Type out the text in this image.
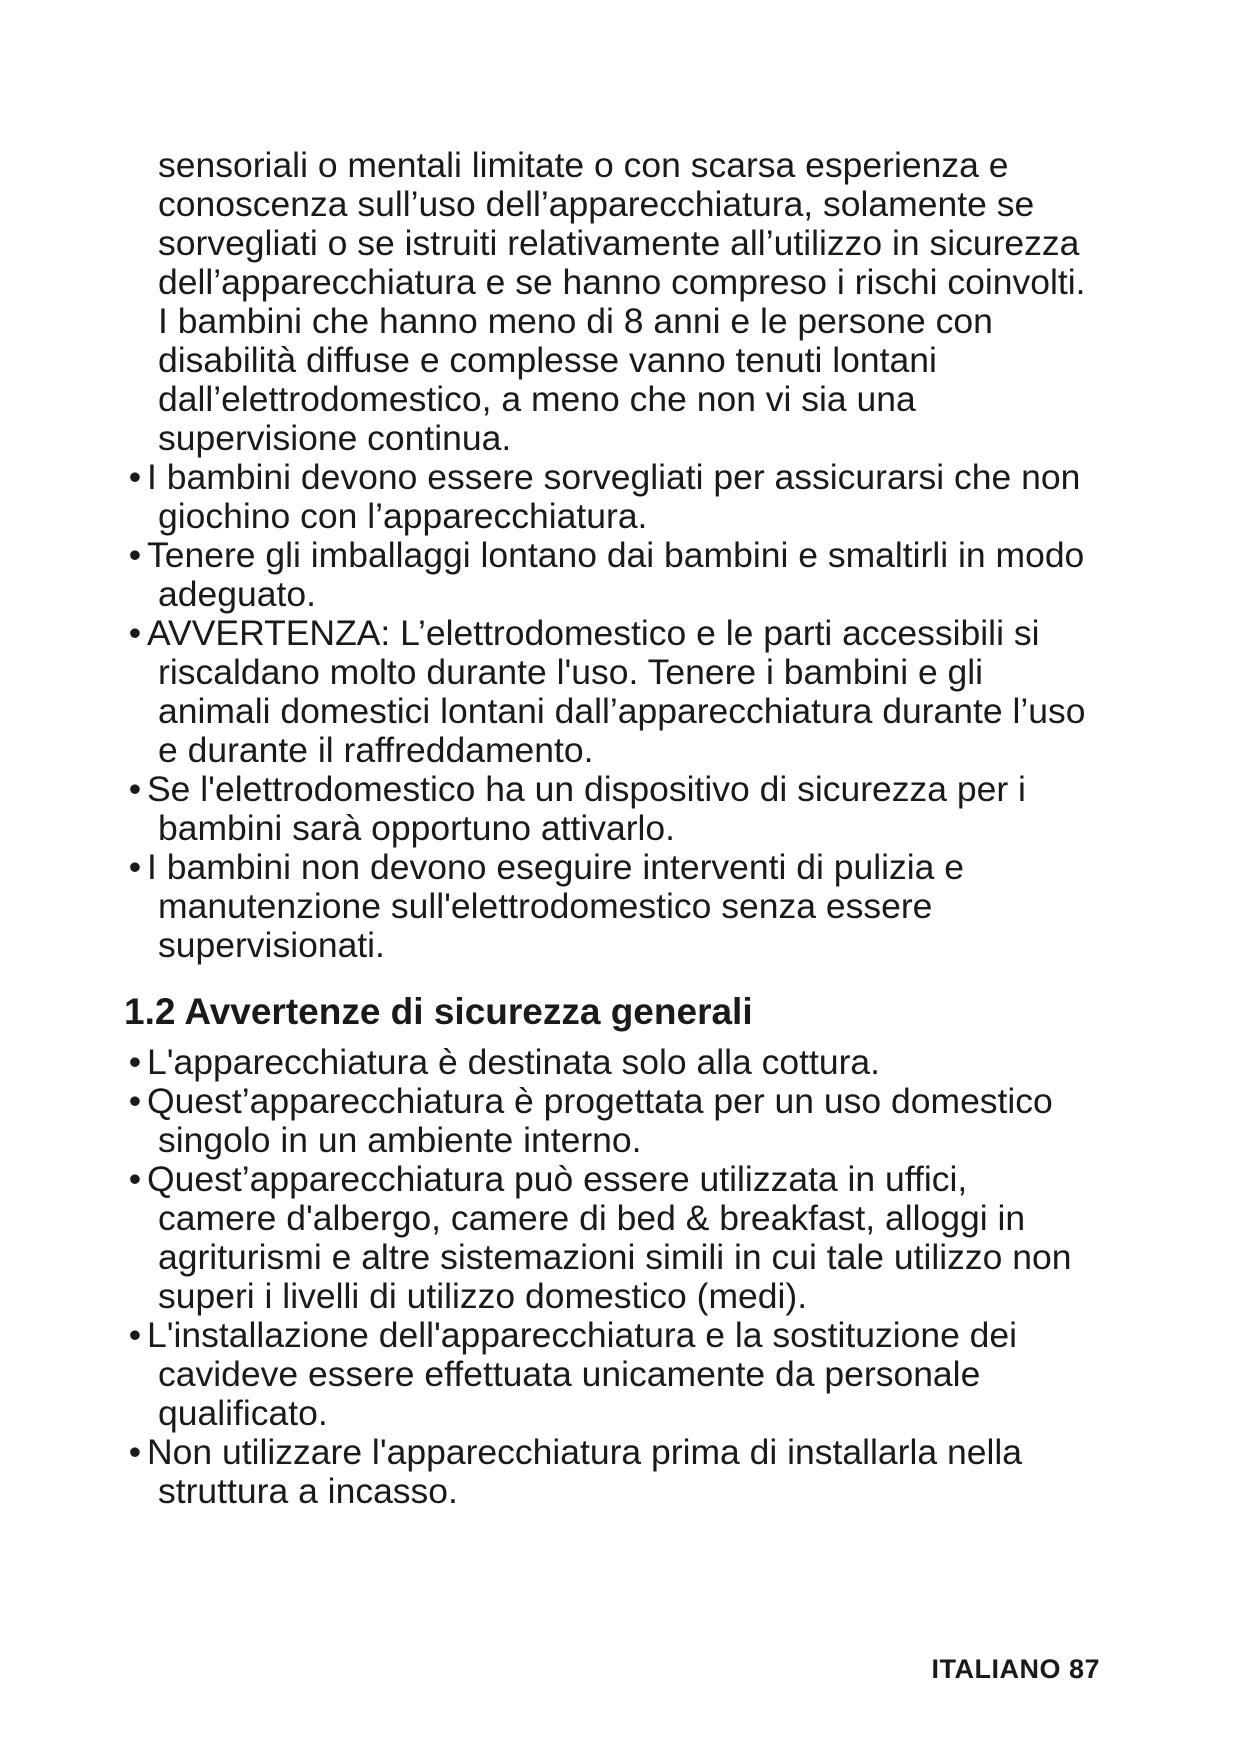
sensoriali o mentali limitate o con scarsa esperienza e
conoscenza sull’uso dell’apparecchiatura, solamente se
sorvegliati o se istruiti relativamente all’utilizzo in sicurezza
dell’apparecchiatura e se hanno compreso i rischi coinvolti.
I bambini che hanno meno di 8 anni e le persone con
disabilità diffuse e complesse vanno tenuti lontani
dall’elettrodomestico, a meno che non vi sia una
supervisione continua.

• I bambini devono essere sorvegliati per assicurarsi che non
giochino con l’apparecchiatura.
• Tenere gli imballaggi lontano dai bambini e smaltirli in modo
adeguato.
• AVVERTENZA: L’elettrodomestico e le parti accessibili si
riscaldano molto durante l'uso. Tenere i bambini e gli
animali domestici lontani dall’apparecchiatura durante l’uso
e durante il raffreddamento.
• Se l'elettrodomestico ha un dispositivo di sicurezza per i
bambini sarà opportuno attivarlo.
• I bambini non devono eseguire interventi di pulizia e
manutenzione sull'elettrodomestico senza essere
supervisionati.
1.2 Avvertenze di sicurezza generali
• L'apparecchiatura è destinata solo alla cottura.
• Quest’apparecchiatura è progettata per un uso domestico
singolo in un ambiente interno.
• Quest’apparecchiatura può essere utilizzata in uffici,
camere d'albergo, camere di bed & breakfast, alloggi in
agriturismi e altre sistemazioni simili in cui tale utilizzo non
superi i livelli di utilizzo domestico (medi).
• L'installazione dell'apparecchiatura e la sostituzione dei
cavideve essere effettuata unicamente da personale
qualificato.
• Non utilizzare l'apparecchiatura prima di installarla nella
struttura a incasso.
ITALIANO 87
